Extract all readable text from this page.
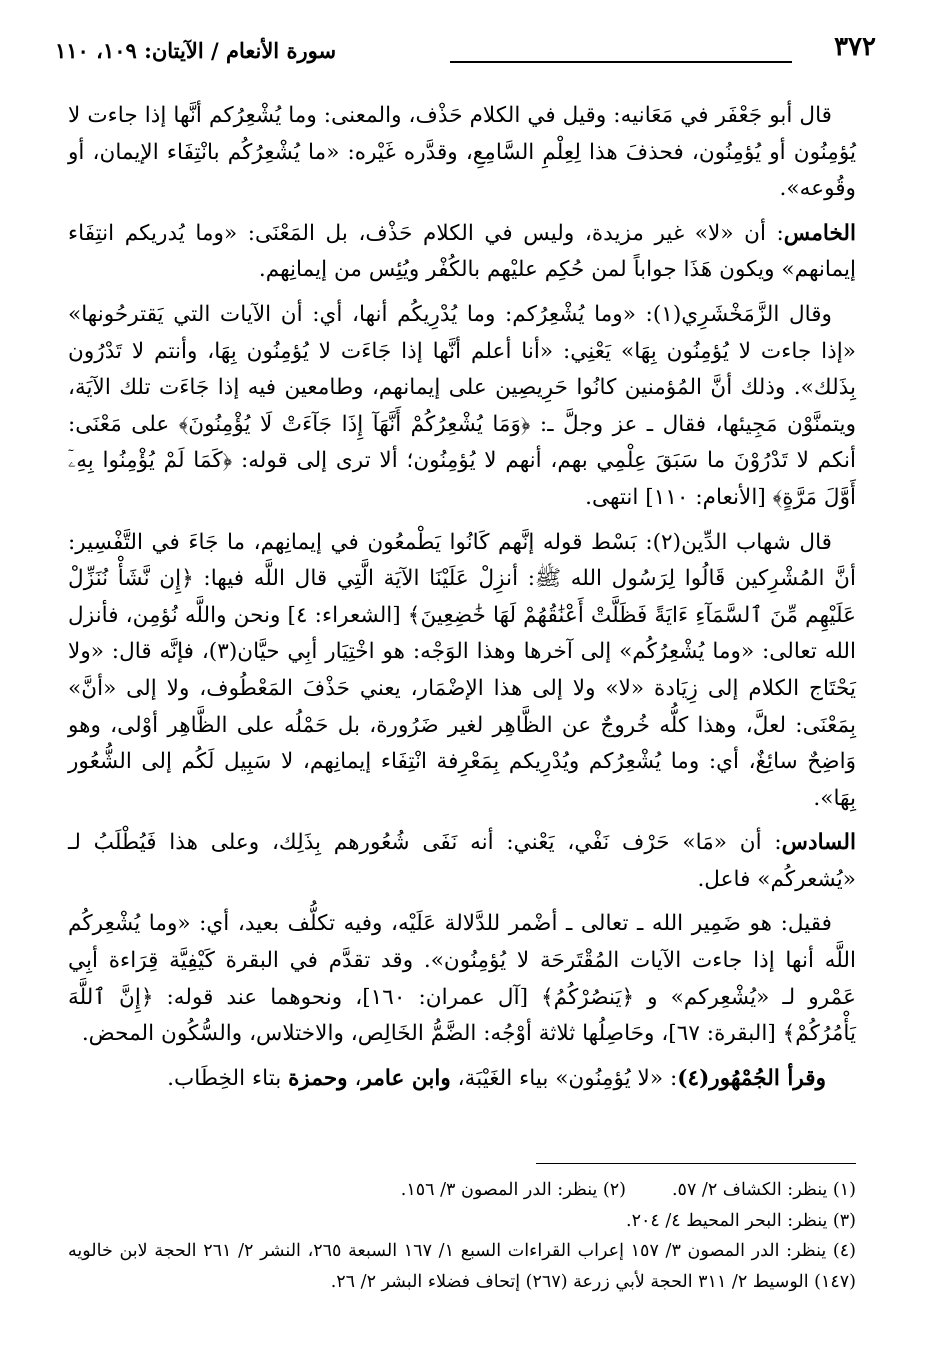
٣٧٢
سورة الأنعام / الآيتان: ١٠٩، ١١٠

قال أبو جَعْفَر في مَعَانيه: وقيل في الكلام حَذْف، والمعنى: وما يُشْعِرُكم أنَّها إذا جاءت لا يُؤمِنُون أو يُؤمِنُون، فحذفَ هذا لِعِلْمِ السَّامِعِ، وقدَّره غَيْره: «ما يُشْعِرُكُم بانْتِفَاء الإيمان، أو وقُوعه».

الخامس: أن «لا» غير مزيدة، وليس في الكلام حَذْف، بل المَعْنَى: «وما يُدريكم انتِفَاء إيمانهم» ويكون هَذَا جواباً لمن حُكِم عليْهم بالكُفْر ويُئِس من إيمانِهم.

وقال الزَّمَخْشَرِي(١): «وما يُشْعِرُكم: وما يُدْرِيكُم أنها، أي: أن الآيات التي يَقترحُونها» «إذا جاءت لا يُؤمِنُون بِهَا» يَعْنِي: «أنا أعلم أنَّها إذا جَاءَت لا يُؤمِنُون بِهَا، وأنتم لا تَدْرُون بِذَلك». وذلك أنَّ المُؤمنين كانُوا حَرِيصِين على إيمانهم، وطامعين فيه إذا جَاءَت تلك الآيَة، ويتمنَّوْن مَجِيئها، فقال ـ عز وجلَّ ـ: ﴿وَمَا يُشْعِرُكُمْ أَنَّهَآ إِذَا جَآءَتْ لَا يُؤْمِنُونَ﴾ على مَعْنَى: أنكم لا تَدْرُوْنَ ما سَبَقَ عِلْمِي بهم، أنهم لا يُؤمِنُون؛ ألا ترى إلى قوله: ﴿كَمَا لَمْ يُؤْمِنُوا بِهِۦٓ أَوَّلَ مَرَّةٍ﴾ [الأنعام: ١١٠] انتهى.

قال شهاب الدِّين(٢): بَسْط قوله إنَّهم كَانُوا يَطْمعُون في إيمانِهم، ما جَاءَ في التَّفْسِير: أنَّ المُشْرِكين قَالُوا لِرَسُول الله ﷺ: أنزِلْ عَلَيْنَا الآيَة الَّتِي قال اللَّه فيها: ﴿إِن نَّشَأْ نُنَزِّلْ عَلَيْهِم مِّنَ ٱلسَّمَآءِ ءَايَةً فَظَلَّتْ أَعْنَٰقُهُمْ لَهَا خَٰضِعِينَ﴾ [الشعراء: ٤] ونحن واللَّه نُؤمِن، فأنزل الله تعالى: «وما يُشْعِرُكُم» إلى آخرها وهذا الوَجْه: هو اخْتِيَار أبِي حيَّان(٣)، فإنَّه قال: «ولا يَحْتَاج الكلام إلى زِيَادة «لا» ولا إلى هذا الإضْمَار، يعني حَذْفَ المَعْطُوف، ولا إلى «أنَّ» بِمَعْنَى: لعلَّ، وهذا كلُّه خُروجٌ عن الظَّاهِر لغير ضَرُورة، بل حَمْلُه على الظَّاهِر أوْلى، وهو وَاضِحٌ سائِغٌ، أي: وما يُشْعِرُكم ويُدْرِيكم بِمَعْرِفة انْتِفَاء إيمانِهم، لا سَبِيل لَكُم إلى الشُّعُور بِهَا».

السادس: أن «مَا» حَرْف نَفْي، يَعْني: أنه نَفَى شُعُورهم بِذَلِك، وعلى هذا فَيُطْلَبُ لـ «يُشعركُم» فاعل.

فقيل: هو ضَمِير الله ـ تعالى ـ أضْمر للدَّلالة عَلَيْه، وفيه تكلُّف بعيد، أي: «وما يُشْعِركُم اللَّه أنها إذا جاءت الآيات المُقْتَرحَة لا يُؤمِنُون». وقد تقدَّم في البقرة كَيْفِيَّة قِرَاءة أبِي عَمْرو لـ «يُشْعِركم» و ﴿يَنصُرْكُمُ﴾ [آل عمران: ١٦٠]، ونحوهما عند قوله: ﴿إِنَّ ٱللَّهَ يَأْمُرُكُمْ﴾ [البقرة: ٦٧]، وحَاصِلُها ثلاثة أوْجُه: الضَّمُّ الخَالِص، والاختلاس، والسُّكُون المحض.

وقرأ الجُمْهُور(٤): «لا يُؤمِنُون» بياء الغَيْبَة، وابن عامر، وحمزة بتاء الخِطَاب.

(١) ينظر: الكشاف ٢/ ٥٧.
(٢) ينظر: الدر المصون ٣/ ١٥٦.
(٣) ينظر: البحر المحيط ٤/ ٢٠٤.
(٤) ينظر: الدر المصون ٣/ ١٥٧ إعراب القراءات السبع ١/ ١٦٧ السبعة ٢٦٥، النشر ٢/ ٢٦١ الحجة لابن خالويه (١٤٧) الوسيط ٢/ ٣١١ الحجة لأبي زرعة (٢٦٧) إتحاف فضلاء البشر ٢/ ٢٦.
